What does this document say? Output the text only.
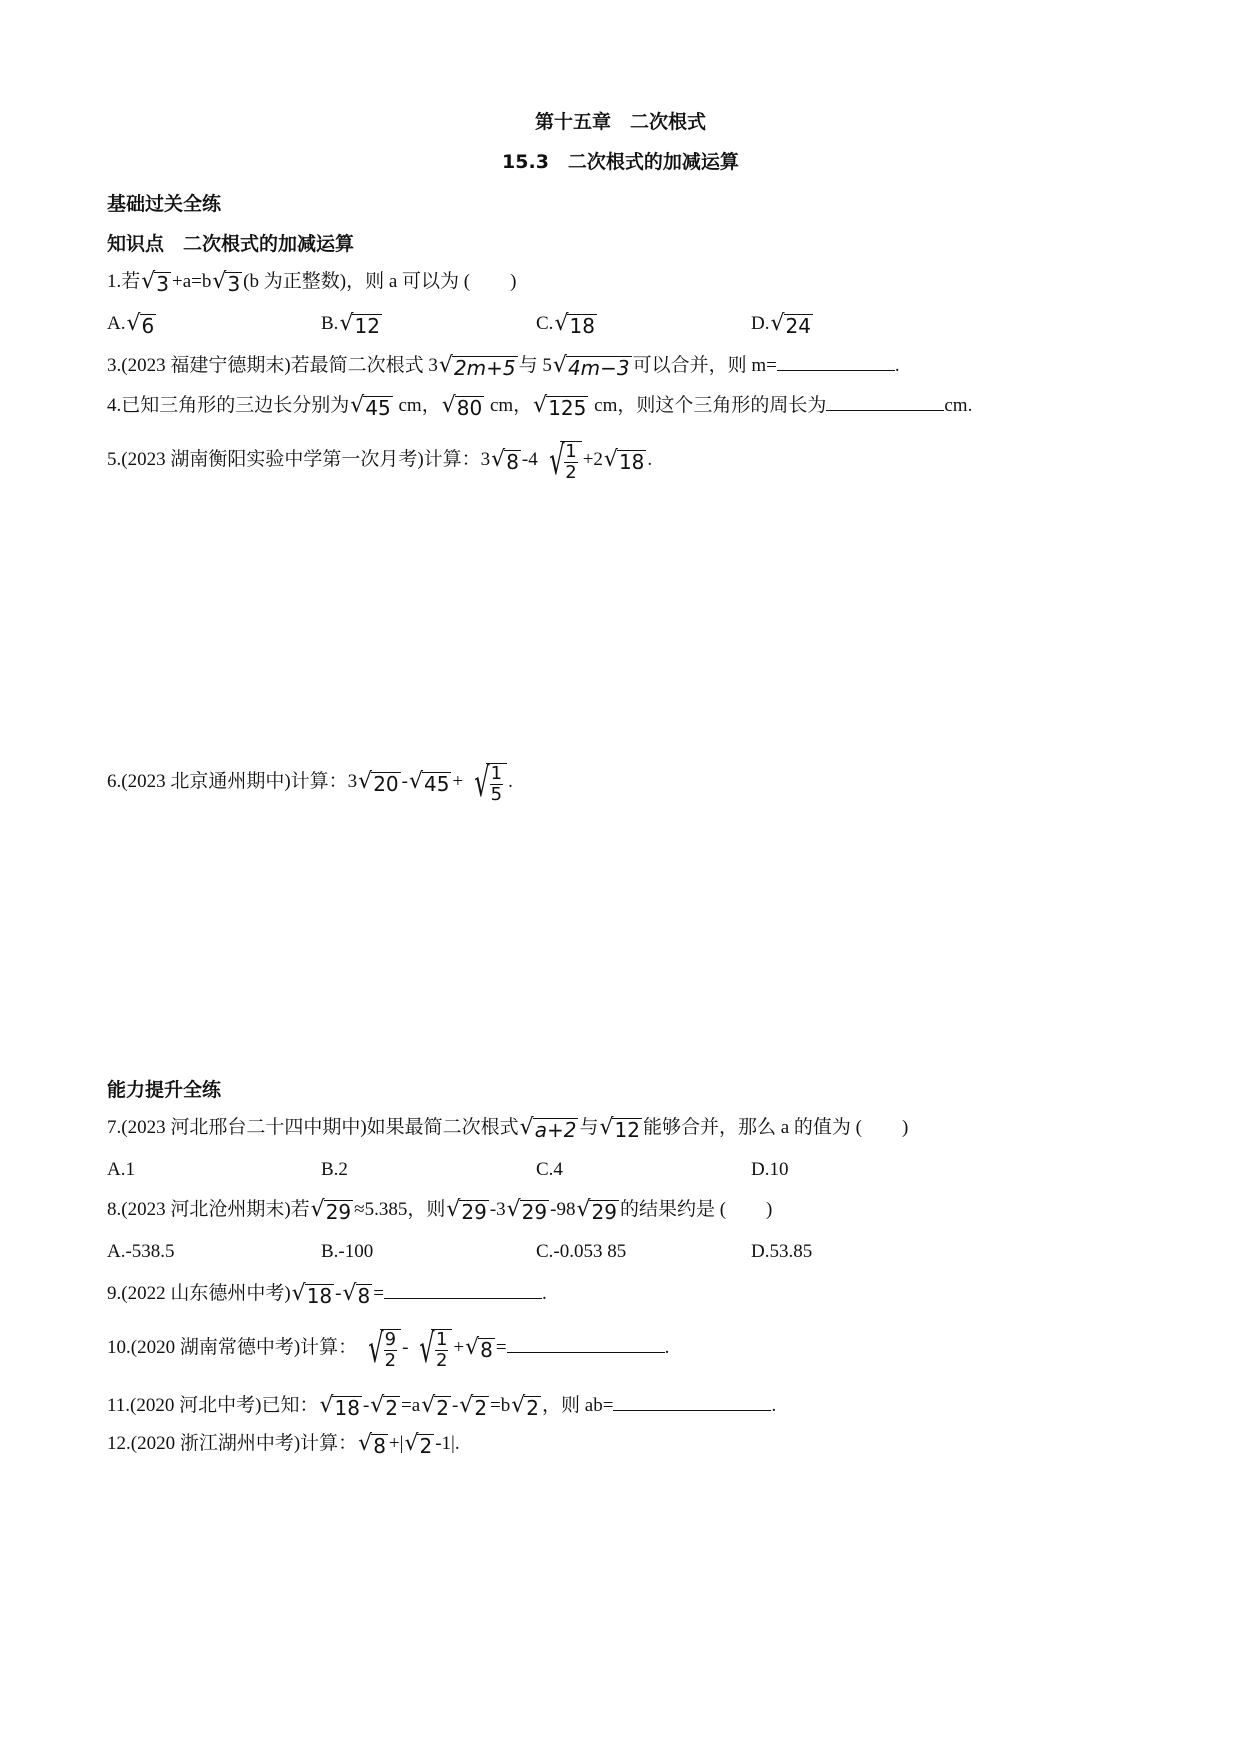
第十五章　二次根式
15.3　二次根式的加减运算
基础过关全练
知识点　二次根式的加减运算
1.若 √ 3 +a=b √ 3 (b 为正整数)，则 a 可以为 ( )
A. √ 6	B. √ 12	C. √ 18	D. √ 24
3.(2023 福建宁德期末)若最简二次根式 3 √ 2m+5 与 5 √ 4m−3 可以合并，则 m=	.
4.已知三角形的三边长分别为 √ 45 cm， √ 80 cm， √ 125 cm，则这个三角形的周长为	cm.
5.(2023 湖南衡阳实验中学第一次月考)计算：3 √ 8 -4 √
$\frac{1}{2} +2$ √ 18 .
6.(2023 北京通州期中)计算：3 √ 20 - √ 45 + √
$\frac{1}{5}$ .
能力提升全练
7.(2023 河北邢台二十四中期中)如果最简二次根式 √ a+2 与 √ 12 能够合并，那么 a 的值为 ( )
A.1	B.2	C.4	D.10
8.(2023 河北沧州期末)若 √ 29 ≈5.385，则 √ 29 -3 √ 29 -98 √ 29 的结果约是 ( )
A.-538.5	B.-100	C.-0.053 85	D.53.85
9.(2022 山东德州中考) √ 18 - √ 8 =	.
10.(2020 湖南常德中考)计算： √
$\frac{9}{2}$ - √
$\frac{1}{2}$ + √ 8 =	.
11.(2020 河北中考)已知： √ 18 - √ 2 =a √ 2 - √ 2 =b √ 2 ，则 ab=	.
12.(2020 浙江湖州中考)计算： √ 8 +| √ 2 -1|.
